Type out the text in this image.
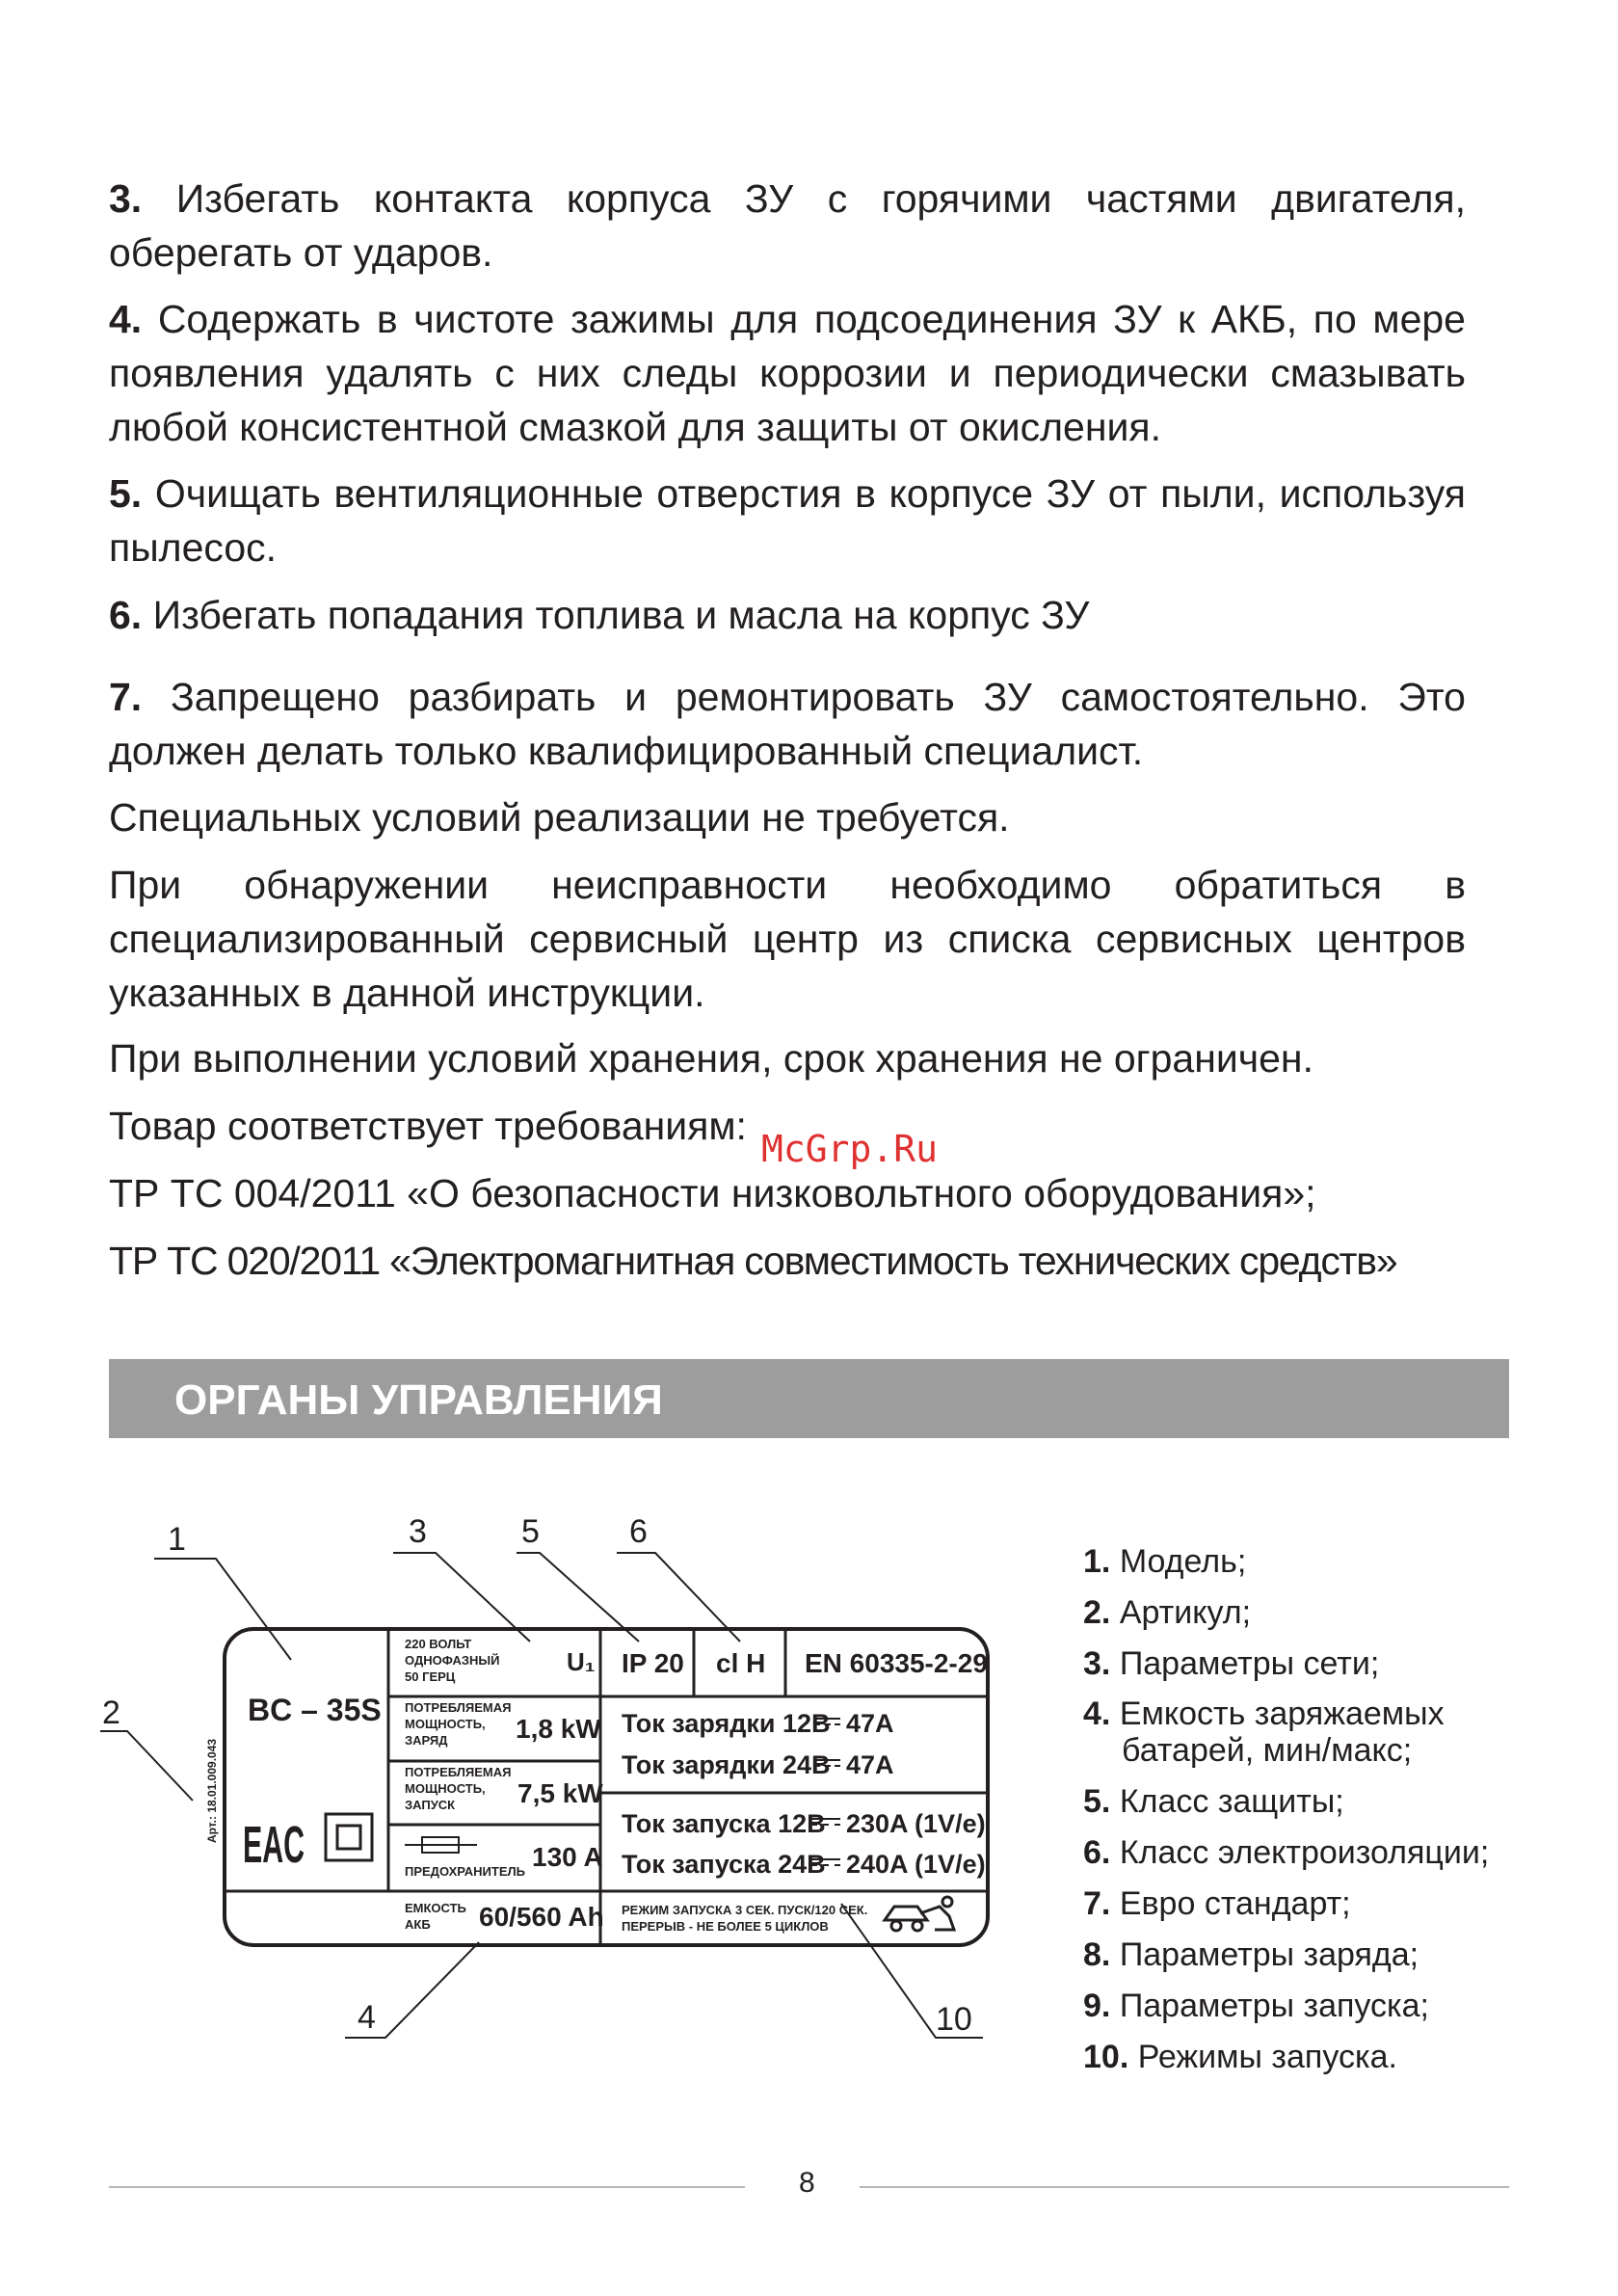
3. Избегать контакта корпуса ЗУ с горячими частями двигателя, оберегать от ударов.

4. Содержать в чистоте зажимы для подсоединения ЗУ к АКБ, по мере появления удалять с них следы коррозии и периодически смазывать любой консистентной смазкой для защиты от окисления.

5. Очищать вентиляционные отверстия в корпусе ЗУ от пыли, используя пылесос.

6. Избегать попадания топлива и масла на корпус ЗУ

7. Запрещено разбирать и ремонтировать ЗУ самостоятельно. Это должен делать только квалифицированный специалист.

Специальных условий реализации не требуется.

При обнаружении неисправности необходимо обратиться в специализированный сервисный центр из списка сервисных центров указанных в данной инструкции.

При выполнении условий хранения, срок хранения не ограничен.

Товар соответствует требованиям:

ТР ТС 004/2011 «О безопасности низковольтного оборудования»;

ТР ТС 020/2011 «Электромагнитная совместимость технических средств»

McGrp.Ru
ОРГАНЫ УПРАВЛЕНИЯ
BC – 35S
Арт.: 18.01.009.043
EAC
220 ВОЛЬТ
ОДНОФАЗНЫЙ
50 ГЕРЦ
U₁ IP 20 cl H EN 60335-2-29
ПОТРЕБЛЯЕМАЯ
МОЩНОСТЬ,
ЗАРЯД	1,8 kW
ПОТРЕБЛЯЕМАЯ
МОЩНОСТЬ,
ЗАПУСК 7,5 kW
ПРЕДОХРАНИТЕЛЬ 130 A
Ток зарядки 12В 47A
Ток зарядки 24В 47A
Ток запуска 12В 230A (1V/e)
Ток запуска 24В 240A (1V/e)
ЕМКОСТЬ
АКБ 60/560 Ah РЕЖИМ ЗАПУСКА 3 СЕК. ПУСК/120 СЕК.
ПЕРЕРЫВ - НЕ БОЛЕЕ 5 ЦИКЛОВ
1
2
3
4
5	6
10
1. Модель;
2. Артикул;
3. Параметры сети;
4. Емкость заряжаемых батарей, мин/макс;
5. Класс защиты;
6. Класс электроизоляции;
7. Евро стандарт;
8. Параметры заряда;
9. Параметры запуска;
10. Режимы запуска.
8
